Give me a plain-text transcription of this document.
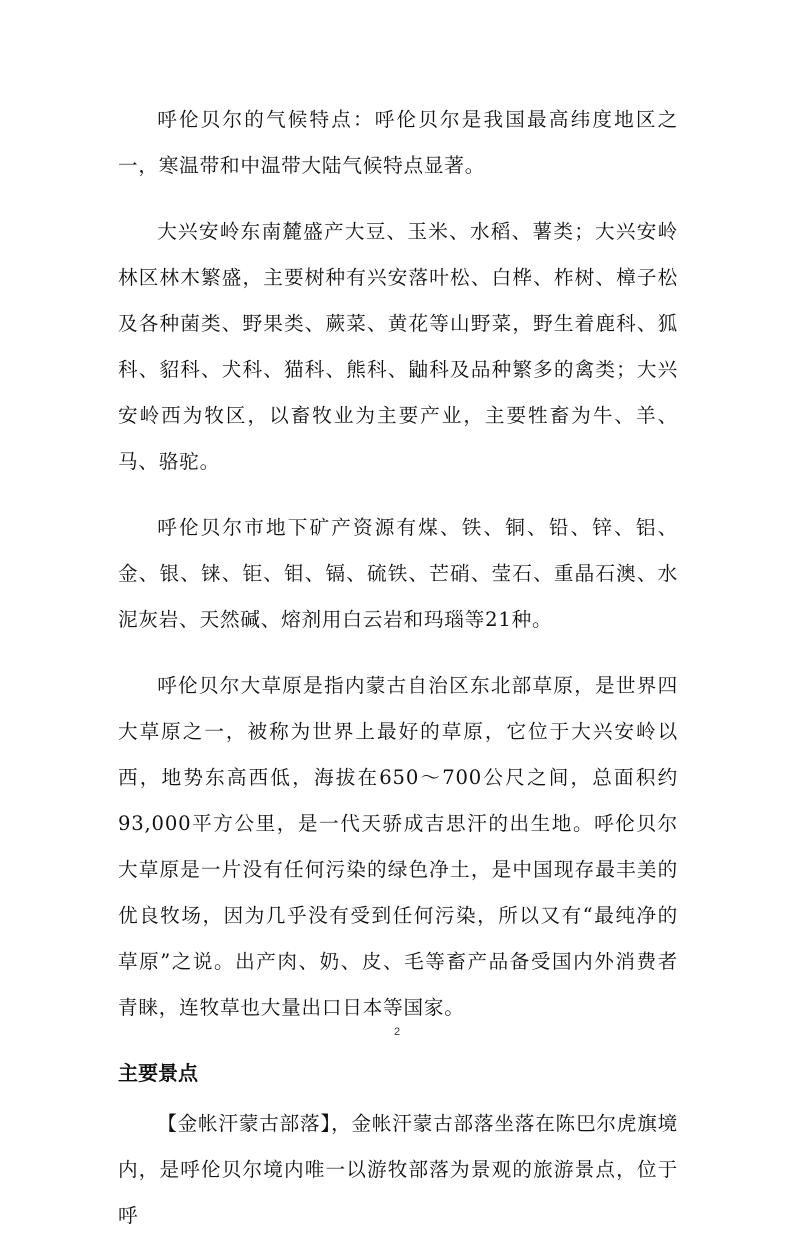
呼伦贝尔的气候特点：呼伦贝尔是我国最高纬度地区之一，寒温带和中温带大陆气候特点显著。

大兴安岭东南麓盛产大豆、玉米、水稻、薯类；大兴安岭林区林木繁盛，主要树种有兴安落叶松、白桦、柞树、樟子松及各种菌类、野果类、蕨菜、黄花等山野菜，野生着鹿科、狐科、貂科、犬科、猫科、熊科、鼬科及品种繁多的禽类；大兴安岭西为牧区，以畜牧业为主要产业，主要牲畜为牛、羊、马、骆驼。

呼伦贝尔市地下矿产资源有煤、铁、铜、铅、锌、铝、金、银、铼、钜、钼、镉、硫铁、芒硝、莹石、重晶石澳、水泥灰岩、天然碱、熔剂用白云岩和玛瑙等21种。

呼伦贝尔大草原是指内蒙古自治区东北部草原，是世界四大草原之一，被称为世界上最好的草原，它位于大兴安岭以西，地势东高西低，海拔在650～700公尺之间，总面积约93,000平方公里，是一代天骄成吉思汗的出生地。呼伦贝尔大草原是一片没有任何污染的绿色净土，是中国现存最丰美的优良牧场，因为几乎没有受到任何污染，所以又有“最纯净的草原”之说。出产肉、奶、皮、毛等畜产品备受国内外消费者青睐，连牧草也大量出口日本等国家。

主要景点

【金帐汗蒙古部落】，金帐汗蒙古部落坐落在陈巴尔虎旗境内，是呼伦贝尔境内唯一以游牧部落为景观的旅游景点，位于呼

2
